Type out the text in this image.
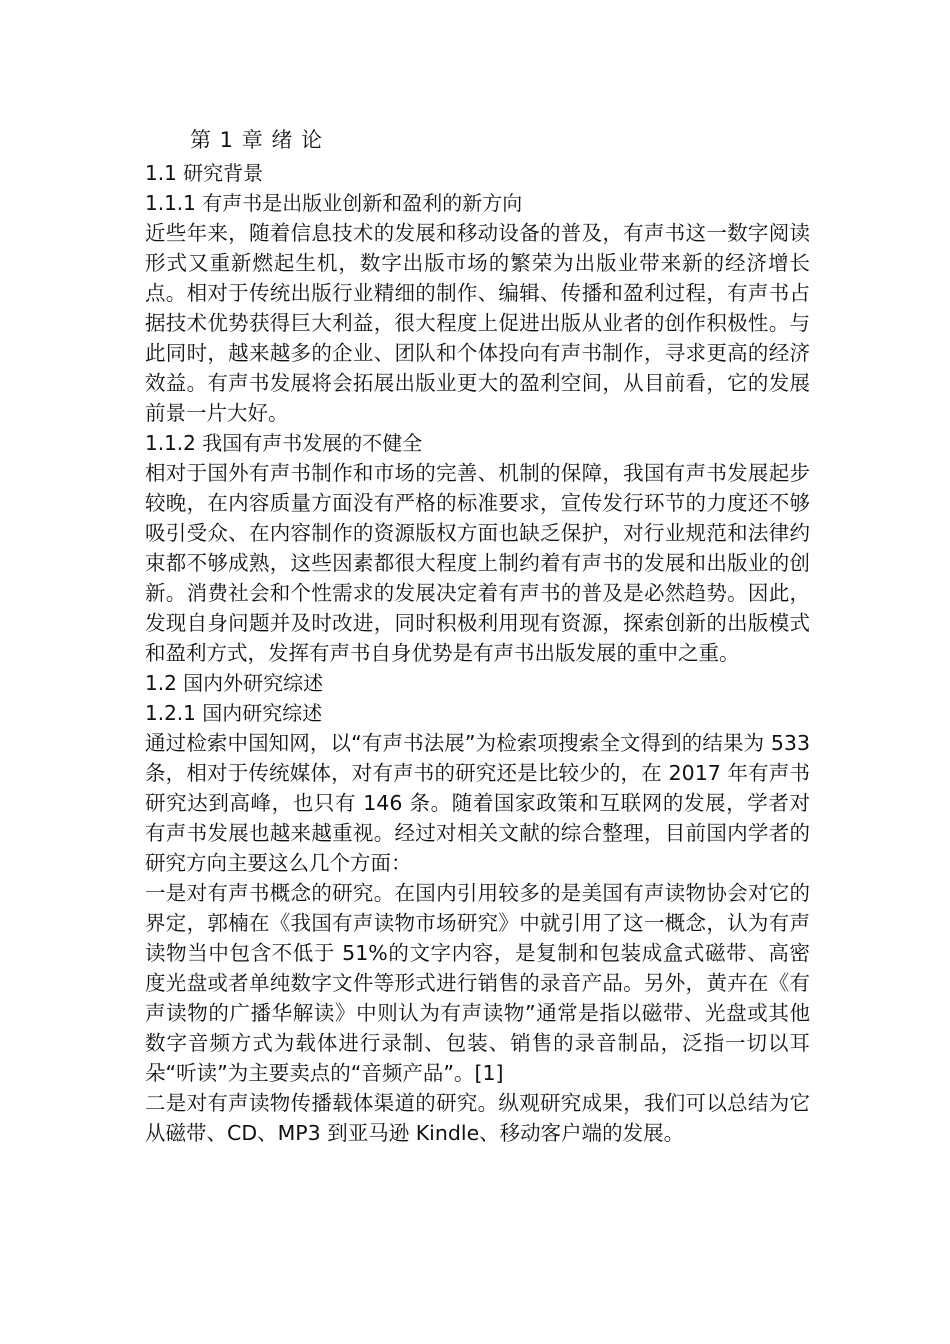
第 1 章 绪 论
1.1 研究背景
1.1.1 有声书是出版业创新和盈利的新方向

近些年来，随着信息技术的发展和移动设备的普及，有声书这一数字阅读形式又重新燃起生机，数字出版市场的繁荣为出版业带来新的经济增长点。相对于传统出版行业精细的制作、编辑、传播和盈利过程，有声书占据技术优势获得巨大利益，很大程度上促进出版从业者的创作积极性。与此同时，越来越多的企业、团队和个体投向有声书制作，寻求更高的经济效益。有声书发展将会拓展出版业更大的盈利空间，从目前看，它的发展前景一片大好。

1.1.2 我国有声书发展的不健全

相对于国外有声书制作和市场的完善、机制的保障，我国有声书发展起步较晚，在内容质量方面没有严格的标准要求，宣传发行环节的力度还不够吸引受众、在内容制作的资源版权方面也缺乏保护，对行业规范和法律约束都不够成熟，这些因素都很大程度上制约着有声书的发展和出版业的创新。消费社会和个性需求的发展决定着有声书的普及是必然趋势。因此，发现自身问题并及时改进，同时积极利用现有资源，探索创新的出版模式和盈利方式，发挥有声书自身优势是有声书出版发展的重中之重。

1.2 国内外研究综述
1.2.1 国内研究综述

通过检索中国知网，以“有声书法展”为检索项搜索全文得到的结果为 533 条，相对于传统媒体，对有声书的研究还是比较少的，在 2017 年有声书研究达到高峰，也只有 146 条。随着国家政策和互联网的发展，学者对有声书发展也越来越重视。经过对相关文献的综合整理，目前国内学者的研究方向主要这么几个方面：

一是对有声书概念的研究。在国内引用较多的是美国有声读物协会对它的界定，郭楠在《我国有声读物市场研究》中就引用了这一概念，认为有声读物当中包含不低于 51%的文字内容，是复制和包装成盒式磁带、高密度光盘或者单纯数字文件等形式进行销售的录音产品。另外，黄卉在《有声读物的广播华解读》中则认为有声读物”通常是指以磁带、光盘或其他数字音频方式为载体进行录制、包装、销售的录音制品，泛指一切以耳朵“听读”为主要卖点的“音频产品”。[1]

二是对有声读物传播载体渠道的研究。纵观研究成果，我们可以总结为它从磁带、CD、MP3 到亚马逊 Kindle、移动客户端的发展。
